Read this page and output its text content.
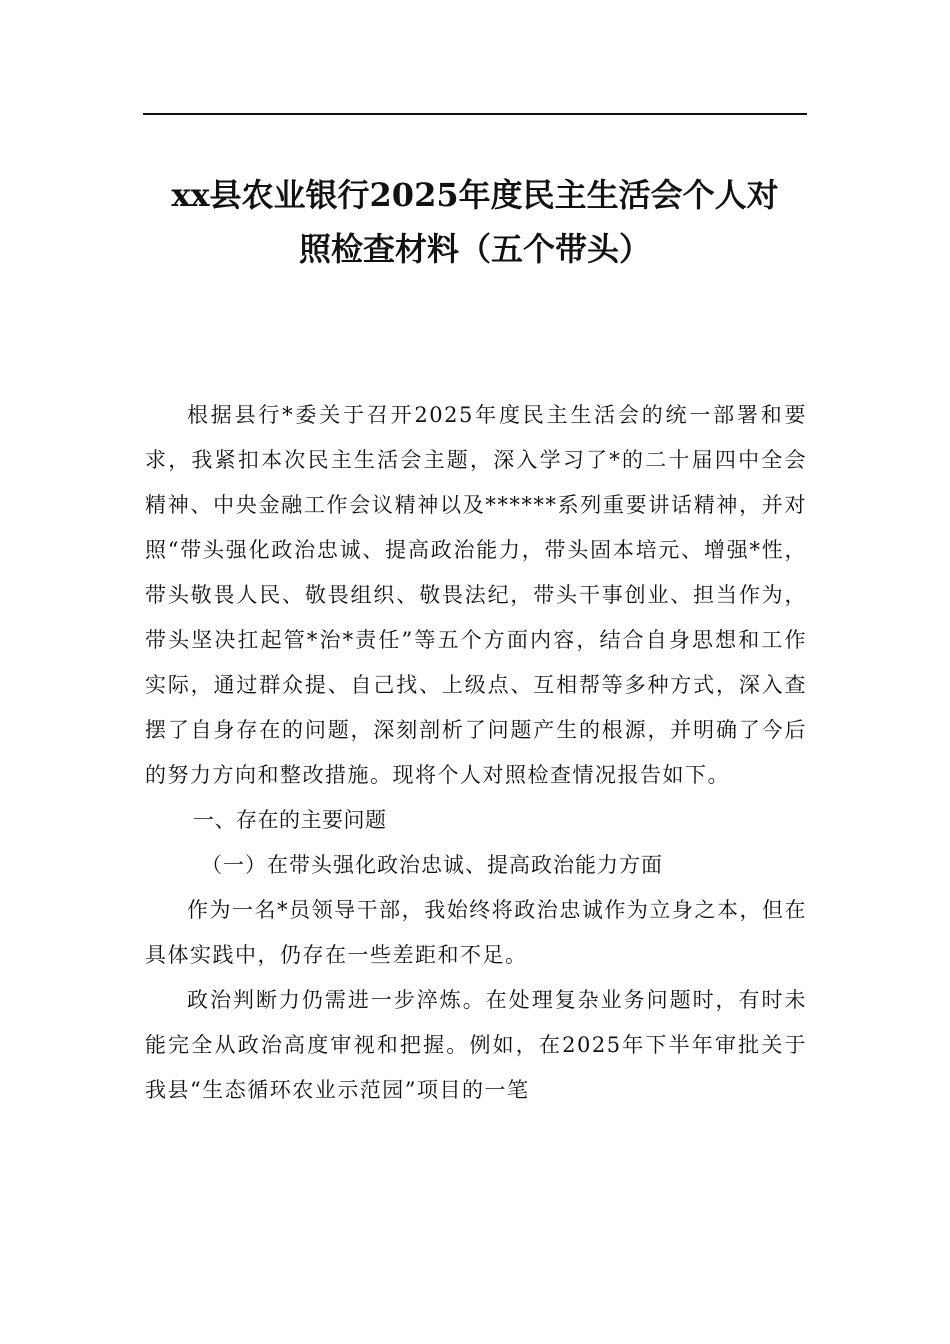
xx县农业银行2025年度民主生活会个人对
照检查材料（五个带头）

根据县行*委关于召开2025年度民主生活会的统一部署和要求，我紧扣本次民主生活会主题，深入学习了*的二十届四中全会精神、中央金融工作会议精神以及******系列重要讲话精神，并对照“带头强化政治忠诚、提高政治能力，带头固本培元、增强*性，带头敬畏人民、敬畏组织、敬畏法纪，带头干事创业、担当作为，带头坚决扛起管*治*责任”等五个方面内容，结合自身思想和工作实际，通过群众提、自己找、上级点、互相帮等多种方式，深入查摆了自身存在的问题，深刻剖析了问题产生的根源，并明确了今后的努力方向和整改措施。现将个人对照检查情况报告如下。

一、存在的主要问题

（一）在带头强化政治忠诚、提高政治能力方面

作为一名*员领导干部，我始终将政治忠诚作为立身之本，但在具体实践中，仍存在一些差距和不足。

政治判断力仍需进一步淬炼。在处理复杂业务问题时，有时未能完全从政治高度审视和把握。例如，在2025年下半年审批关于我县“生态循环农业示范园”项目的一笔
